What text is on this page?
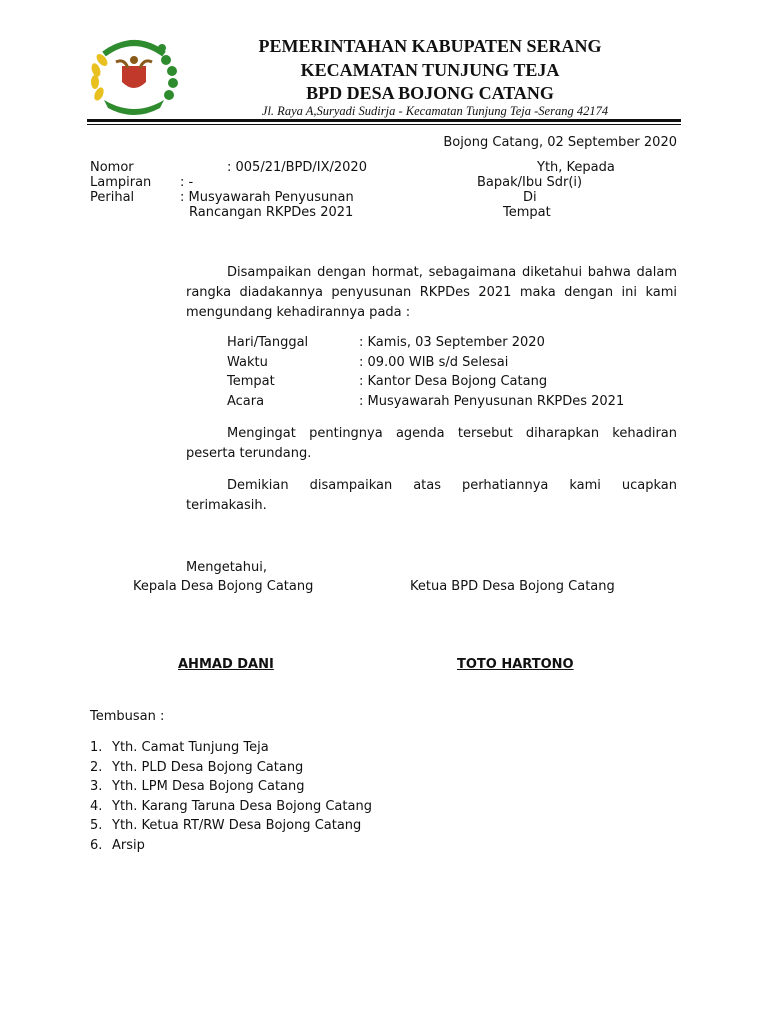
BPD
PEMERINTAHAN KABUPATEN SERANG
KECAMATAN TUNJUNG TEJA
BPD DESA BOJONG CATANG
Jl. Raya A,Suryadi Sudirja - Kecamatan Tunjung Teja -Serang 42174
Bojong Catang, 02 September 2020
Nomor	: 005/21/BPD/IX/2020
Lampiran : -
Perihal	: Musyawarah Penyusunan
Rancangan RKPDes 2021
Yth, Kepada
Bapak/Ibu Sdr(i)
Di
Tempat
Disampaikan dengan hormat, sebagaimana diketahui bahwa dalam rangka diadakannya penyusunan RKPDes 2021 maka dengan ini kami mengundang kehadirannya pada :
Hari/Tanggal	: Kamis, 03 September 2020
Waktu	: 09.00 WIB s/d Selesai
Tempat	: Kantor Desa Bojong Catang
Acara	: Musyawarah Penyusunan RKPDes 2021
Mengingat pentingnya agenda tersebut diharapkan kehadiran peserta terundang.
Demikian disampaikan atas perhatiannya kami ucapkan terimakasih.
Mengetahui,
Kepala Desa Bojong Catang	Ketua BPD Desa Bojong Catang
AHMAD DANI	TOTO HARTONO
Tembusan :
1. Yth. Camat Tunjung Teja
2. Yth. PLD Desa Bojong Catang
3. Yth. LPM Desa Bojong Catang
4. Yth. Karang Taruna Desa Bojong Catang
5. Yth. Ketua RT/RW Desa Bojong Catang
6. Arsip
